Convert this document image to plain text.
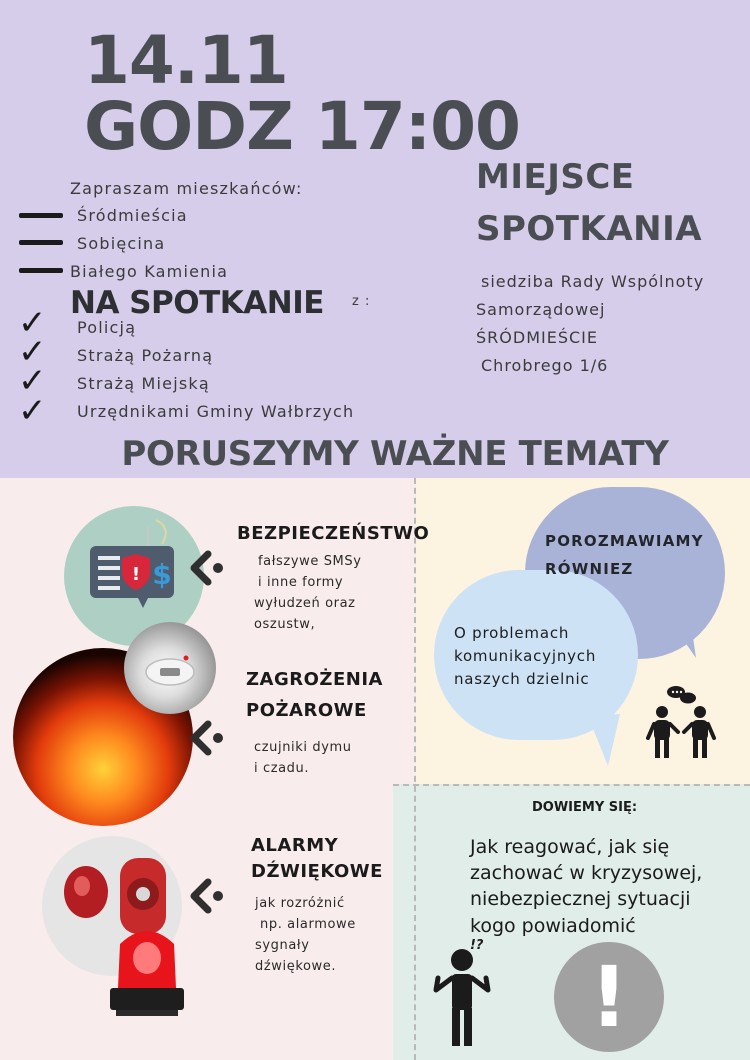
14.11
GODZ 17:00
Zapraszam mieszkańców:
Śródmieścia
Sobięcina
Białego Kamienia
NA SPOTKANIE z :
✓ Policją
✓ Strażą Pożarną
✓ Strażą Miejską
✓ Urzędnikami Gminy Wałbrzych
MIEJSCE
SPOTKANIA
siedziba Rady Wspólnoty
Samorządowej
ŚRÓDMIEŚCIE
Chrobrego 1/6
PORUSZYMY WAŻNE TEMATY
! $
BEZPIECZEŃSTWO
fałszywe SMSy
i inne formy
wyłudzeń oraz
oszustw,
ZAGROŻENIA
POŻAROWE
czujniki dymu
i czadu.
ALARMY
DŹWIĘKOWE
jak rozróżnić
np. alarmowe
sygnały
dźwiękowe.
POROZMAWIAMY
RÓWNIEZ
O problemach
komunikacyjnych
naszych dzielnic
DOWIEMY SIĘ:
Jak reagować, jak się
zachować w kryzysowej,
niebezpiecznej sytuacji
kogo powiadomić
!?
!
